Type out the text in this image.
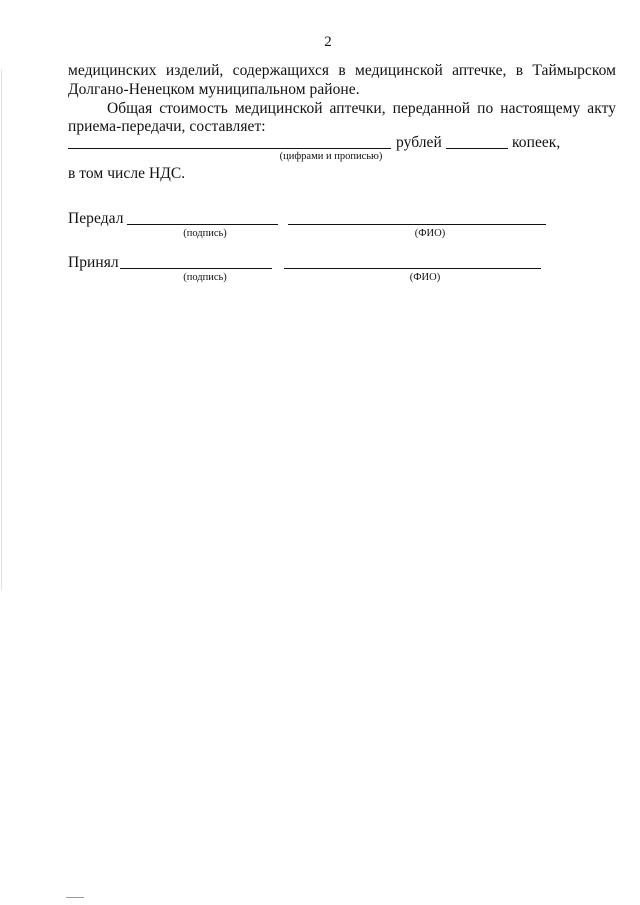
2
медицинских изделий, содержащихся в медицинской аптечке, в Таймырском
Долгано-Ненецком муниципальном районе.
Общая стоимость медицинской аптечки, переданной по настоящему акту
приема-передачи, составляет:
рублей	копеек,
(цифрами и прописью)
в том числе НДС.
Передал
(подпись)	(ФИО)
Принял
(подпись)	(ФИО)
